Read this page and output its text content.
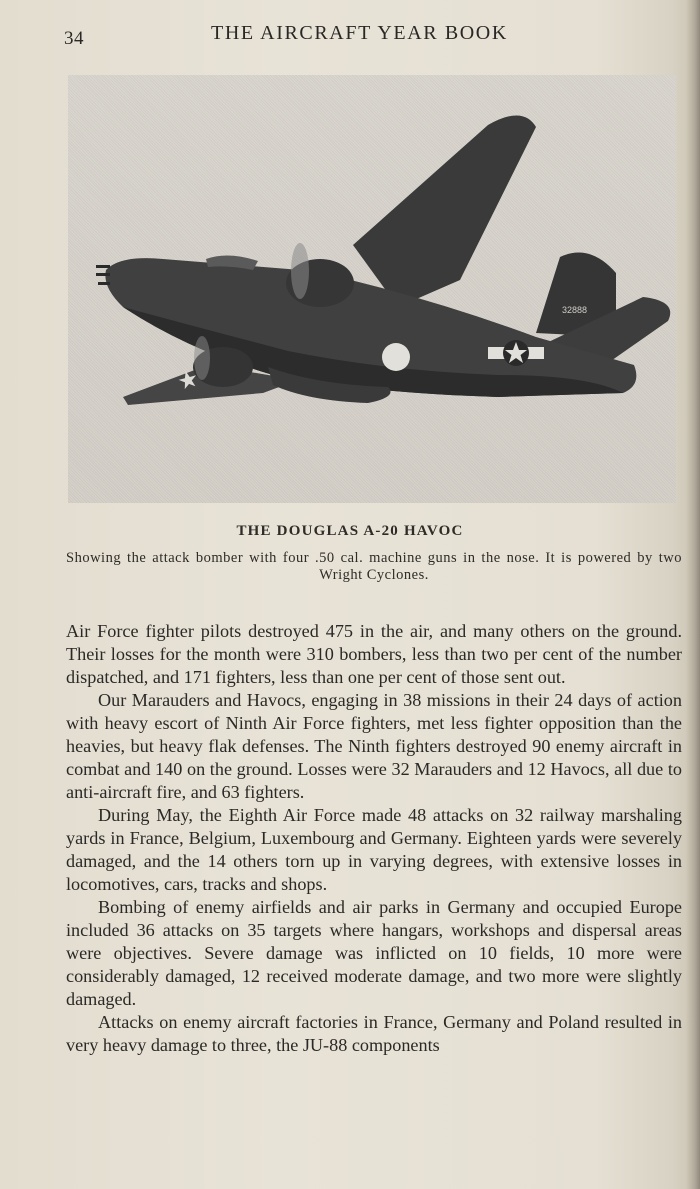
34	THE AIRCRAFT YEAR BOOK
32888
THE DOUGLAS A-20 HAVOC
Showing the attack bomber with four .50 cal. machine guns in the nose. It is powered by two Wright Cyclones.

Air Force fighter pilots destroyed 475 in the air, and many others on the ground. Their losses for the month were 310 bombers, less than two per cent of the number dispatched, and 171 fighters, less than one per cent of those sent out.

Our Marauders and Havocs, engaging in 38 missions in their 24 days of action with heavy escort of Ninth Air Force fighters, met less fighter opposition than the heavies, but heavy flak defenses. The Ninth fighters destroyed 90 enemy aircraft in combat and 140 on the ground. Losses were 32 Marauders and 12 Havocs, all due to anti-aircraft fire, and 63 fighters.

During May, the Eighth Air Force made 48 attacks on 32 railway marshaling yards in France, Belgium, Luxembourg and Germany. Eighteen yards were severely damaged, and the 14 others torn up in varying degrees, with extensive losses in locomotives, cars, tracks and shops.

Bombing of enemy airfields and air parks in Germany and occupied Europe included 36 attacks on 35 targets where hangars, workshops and dispersal areas were objectives. Severe damage was inflicted on 10 fields, 10 more were considerably damaged, 12 received moderate damage, and two more were slightly damaged.

Attacks on enemy aircraft factories in France, Germany and Poland resulted in very heavy damage to three, the JU-88 components
